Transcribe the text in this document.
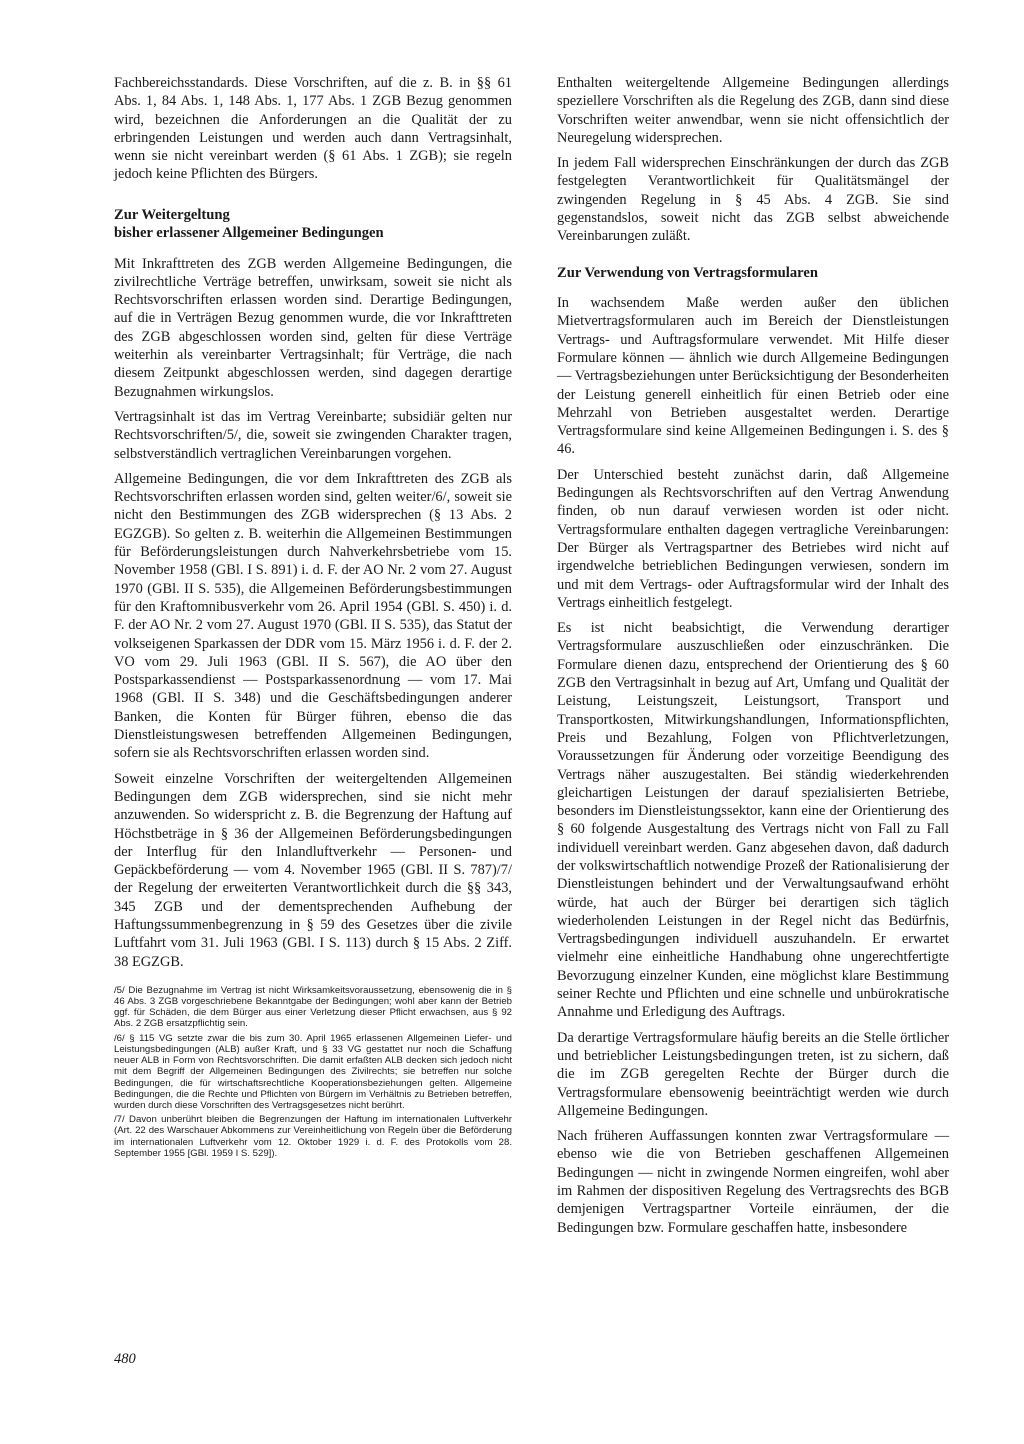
Fachbereichsstandards. Diese Vorschriften, auf die z. B. in §§ 61 Abs. 1, 84 Abs. 1, 148 Abs. 1, 177 Abs. 1 ZGB Bezug genommen wird, bezeichnen die Anforderungen an die Qualität der zu erbringenden Leistungen und werden auch dann Vertragsinhalt, wenn sie nicht vereinbart werden (§ 61 Abs. 1 ZGB); sie regeln jedoch keine Pflichten des Bürgers.

Zur Weitergeltung
bisher erlassener Allgemeiner Bedingungen

Mit Inkrafttreten des ZGB werden Allgemeine Bedingungen, die zivilrechtliche Verträge betreffen, unwirksam, soweit sie nicht als Rechtsvorschriften erlassen worden sind. Derartige Bedingungen, auf die in Verträgen Bezug genommen wurde, die vor Inkrafttreten des ZGB abgeschlossen worden sind, gelten für diese Verträge weiterhin als vereinbarter Vertragsinhalt; für Verträge, die nach diesem Zeitpunkt abgeschlossen werden, sind dagegen derartige Bezugnahmen wirkungslos.

Vertragsinhalt ist das im Vertrag Vereinbarte; subsidiär gelten nur Rechtsvorschriften/5/, die, soweit sie zwingenden Charakter tragen, selbstverständlich vertraglichen Vereinbarungen vorgehen.

Allgemeine Bedingungen, die vor dem Inkrafttreten des ZGB als Rechtsvorschriften erlassen worden sind, gelten weiter/6/, soweit sie nicht den Bestimmungen des ZGB widersprechen (§ 13 Abs. 2 EGZGB). So gelten z. B. weiterhin die Allgemeinen Bestimmungen für Beförderungsleistungen durch Nahverkehrsbetriebe vom 15. November 1958 (GBl. I S. 891) i. d. F. der AO Nr. 2 vom 27. August 1970 (GBl. II S. 535), die Allgemeinen Beförderungsbestimmungen für den Kraftomnibusverkehr vom 26. April 1954 (GBl. S. 450) i. d. F. der AO Nr. 2 vom 27. August 1970 (GBl. II S. 535), das Statut der volkseigenen Sparkassen der DDR vom 15. März 1956 i. d. F. der 2. VO vom 29. Juli 1963 (GBl. II S. 567), die AO über den Postsparkassendienst — Postsparkassenordnung — vom 17. Mai 1968 (GBl. II S. 348) und die Geschäftsbedingungen anderer Banken, die Konten für Bürger führen, ebenso die das Dienstleistungswesen betreffenden Allgemeinen Bedingungen, sofern sie als Rechtsvorschriften erlassen worden sind.

Soweit einzelne Vorschriften der weitergeltenden Allgemeinen Bedingungen dem ZGB widersprechen, sind sie nicht mehr anzuwenden. So widerspricht z. B. die Begrenzung der Haftung auf Höchstbeträge in § 36 der Allgemeinen Beförderungsbedingungen der Interflug für den Inlandluftverkehr — Personen- und Gepäckbeförderung — vom 4. November 1965 (GBl. II S. 787)/7/ der Regelung der erweiterten Verantwortlichkeit durch die §§ 343, 345 ZGB und der dementsprechenden Aufhebung der Haftungssummenbegrenzung in § 59 des Gesetzes über die zivile Luftfahrt vom 31. Juli 1963 (GBl. I S. 113) durch § 15 Abs. 2 Ziff. 38 EGZGB.

/5/ Die Bezugnahme im Vertrag ist nicht Wirksamkeitsvoraussetzung, ebensowenig die in § 46 Abs. 3 ZGB vorgeschriebene Bekanntgabe der Bedingungen; wohl aber kann der Betrieb ggf. für Schäden, die dem Bürger aus einer Verletzung dieser Pflicht erwachsen, aus § 92 Abs. 2 ZGB ersatzpflichtig sein.

/6/ § 115 VG setzte zwar die bis zum 30. April 1965 erlassenen Allgemeinen Liefer- und Leistungsbedingungen (ALB) außer Kraft, und § 33 VG gestattet nur noch die Schaffung neuer ALB in Form von Rechtsvorschriften. Die damit erfaßten ALB decken sich jedoch nicht mit dem Begriff der Allgemeinen Bedingungen des Zivilrechts; sie betreffen nur solche Bedingungen, die für wirtschaftsrechtliche Kooperationsbeziehungen gelten. Allgemeine Bedingungen, die die Rechte und Pflichten von Bürgern im Verhältnis zu Betrieben betreffen, wurden durch diese Vorschriften des Vertragsgesetzes nicht berührt.

/7/ Davon unberührt bleiben die Begrenzungen der Haftung im internationalen Luftverkehr (Art. 22 des Warschauer Abkommens zur Vereinheitlichung von Regeln über die Beförderung im internationalen Luftverkehr vom 12. Oktober 1929 i. d. F. des Protokolls vom 28. September 1955 [GBl. 1959 I S. 529]).

Enthalten weitergeltende Allgemeine Bedingungen allerdings speziellere Vorschriften als die Regelung des ZGB, dann sind diese Vorschriften weiter anwendbar, wenn sie nicht offensichtlich der Neuregelung widersprechen.

In jedem Fall widersprechen Einschränkungen der durch das ZGB festgelegten Verantwortlichkeit für Qualitätsmängel der zwingenden Regelung in § 45 Abs. 4 ZGB. Sie sind gegenstandslos, soweit nicht das ZGB selbst abweichende Vereinbarungen zuläßt.

Zur Verwendung von Vertragsformularen

In wachsendem Maße werden außer den üblichen Mietvertragsformularen auch im Bereich der Dienstleistungen Vertrags- und Auftragsformulare verwendet. Mit Hilfe dieser Formulare können — ähnlich wie durch Allgemeine Bedingungen — Vertragsbeziehungen unter Berücksichtigung der Besonderheiten der Leistung generell einheitlich für einen Betrieb oder eine Mehrzahl von Betrieben ausgestaltet werden. Derartige Vertragsformulare sind keine Allgemeinen Bedingungen i. S. des § 46.

Der Unterschied besteht zunächst darin, daß Allgemeine Bedingungen als Rechtsvorschriften auf den Vertrag Anwendung finden, ob nun darauf verwiesen worden ist oder nicht. Vertragsformulare enthalten dagegen vertragliche Vereinbarungen: Der Bürger als Vertragspartner des Betriebes wird nicht auf irgendwelche betrieblichen Bedingungen verwiesen, sondern im und mit dem Vertrags- oder Auftragsformular wird der Inhalt des Vertrags einheitlich festgelegt.

Es ist nicht beabsichtigt, die Verwendung derartiger Vertragsformulare auszuschließen oder einzuschränken. Die Formulare dienen dazu, entsprechend der Orientierung des § 60 ZGB den Vertragsinhalt in bezug auf Art, Umfang und Qualität der Leistung, Leistungszeit, Leistungsort, Transport und Transportkosten, Mitwirkungshandlungen, Informationspflichten, Preis und Bezahlung, Folgen von Pflichtverletzungen, Voraussetzungen für Änderung oder vorzeitige Beendigung des Vertrags näher auszugestalten. Bei ständig wiederkehrenden gleichartigen Leistungen der darauf spezialisierten Betriebe, besonders im Dienstleistungssektor, kann eine der Orientierung des § 60 folgende Ausgestaltung des Vertrags nicht von Fall zu Fall individuell vereinbart werden. Ganz abgesehen davon, daß dadurch der volkswirtschaftlich notwendige Prozeß der Rationalisierung der Dienstleistungen behindert und der Verwaltungsaufwand erhöht würde, hat auch der Bürger bei derartigen sich täglich wiederholenden Leistungen in der Regel nicht das Bedürfnis, Vertragsbedingungen individuell auszuhandeln. Er erwartet vielmehr eine einheitliche Handhabung ohne ungerechtfertigte Bevorzugung einzelner Kunden, eine möglichst klare Bestimmung seiner Rechte und Pflichten und eine schnelle und unbürokratische Annahme und Erledigung des Auftrags.

Da derartige Vertragsformulare häufig bereits an die Stelle örtlicher und betrieblicher Leistungsbedingungen treten, ist zu sichern, daß die im ZGB geregelten Rechte der Bürger durch die Vertragsformulare ebensowenig beeinträchtigt werden wie durch Allgemeine Bedingungen.

Nach früheren Auffassungen konnten zwar Vertragsformulare — ebenso wie die von Betrieben geschaffenen Allgemeinen Bedingungen — nicht in zwingende Normen eingreifen, wohl aber im Rahmen der dispositiven Regelung des Vertragsrechts des BGB demjenigen Vertragspartner Vorteile einräumen, der die Bedingungen bzw. Formulare geschaffen hatte, insbesondere

480
